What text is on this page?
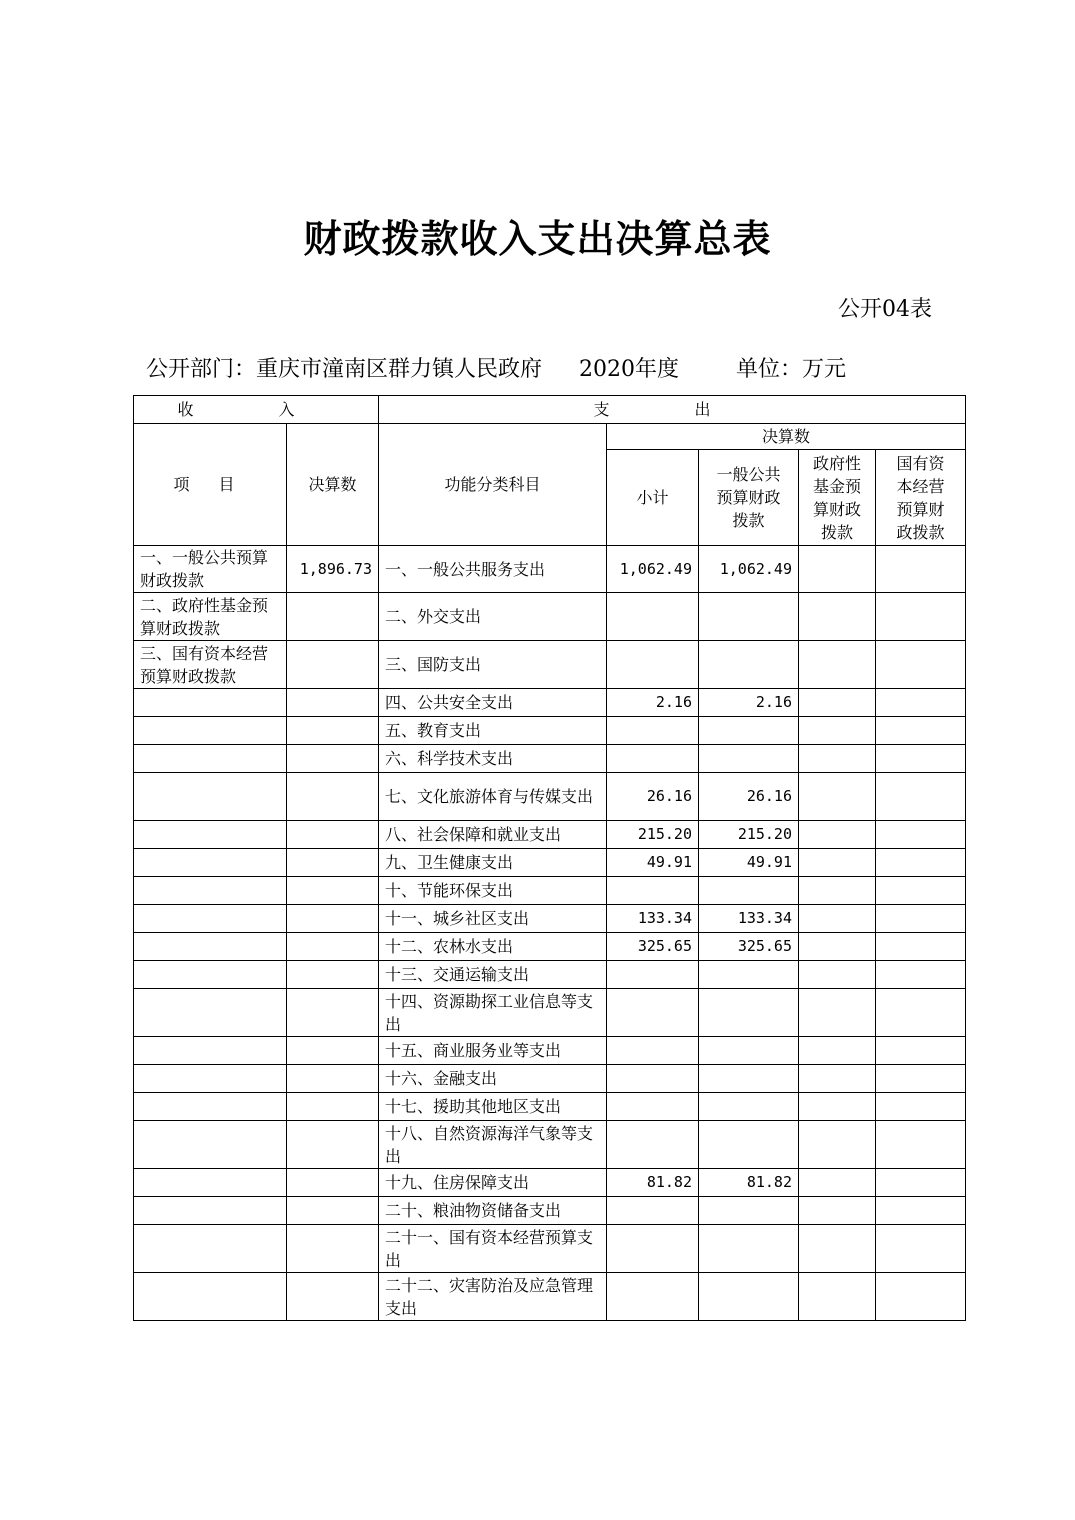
财政拨款收入支出决算总表
公开04表
公开部门：重庆市潼南区群力镇人民政府 2020年度	单位：万元
收 入		支 出				
项 目	决算数	功能分类科目	决算数			
			小计	一般公共预算财政拨款	政府性基金预算财政拨款	国有资本经营预算财政拨款
一、一般公共预算财政拨款	1,896.73	一、一般公共服务支出	1,062.49	1,062.49		
二、政府性基金预算财政拨款		二、外交支出				
三、国有资本经营预算财政拨款		三、国防支出				
		四、公共安全支出	2.16	2.16		
		五、教育支出				
		六、科学技术支出				
		七、文化旅游体育与传媒支出	26.16	26.16		
		八、社会保障和就业支出	215.20	215.20		
		九、卫生健康支出	49.91	49.91		
		十、节能环保支出				
		十一、城乡社区支出	133.34	133.34		
		十二、农林水支出	325.65	325.65		
		十三、交通运输支出				
		十四、资源勘探工业信息等支出				
		十五、商业服务业等支出				
		十六、金融支出				
		十七、援助其他地区支出				
		十八、自然资源海洋气象等支出				
		十九、住房保障支出	81.82	81.82		
		二十、粮油物资储备支出				
		二十一、国有资本经营预算支出				
		二十二、灾害防治及应急管理支出				
